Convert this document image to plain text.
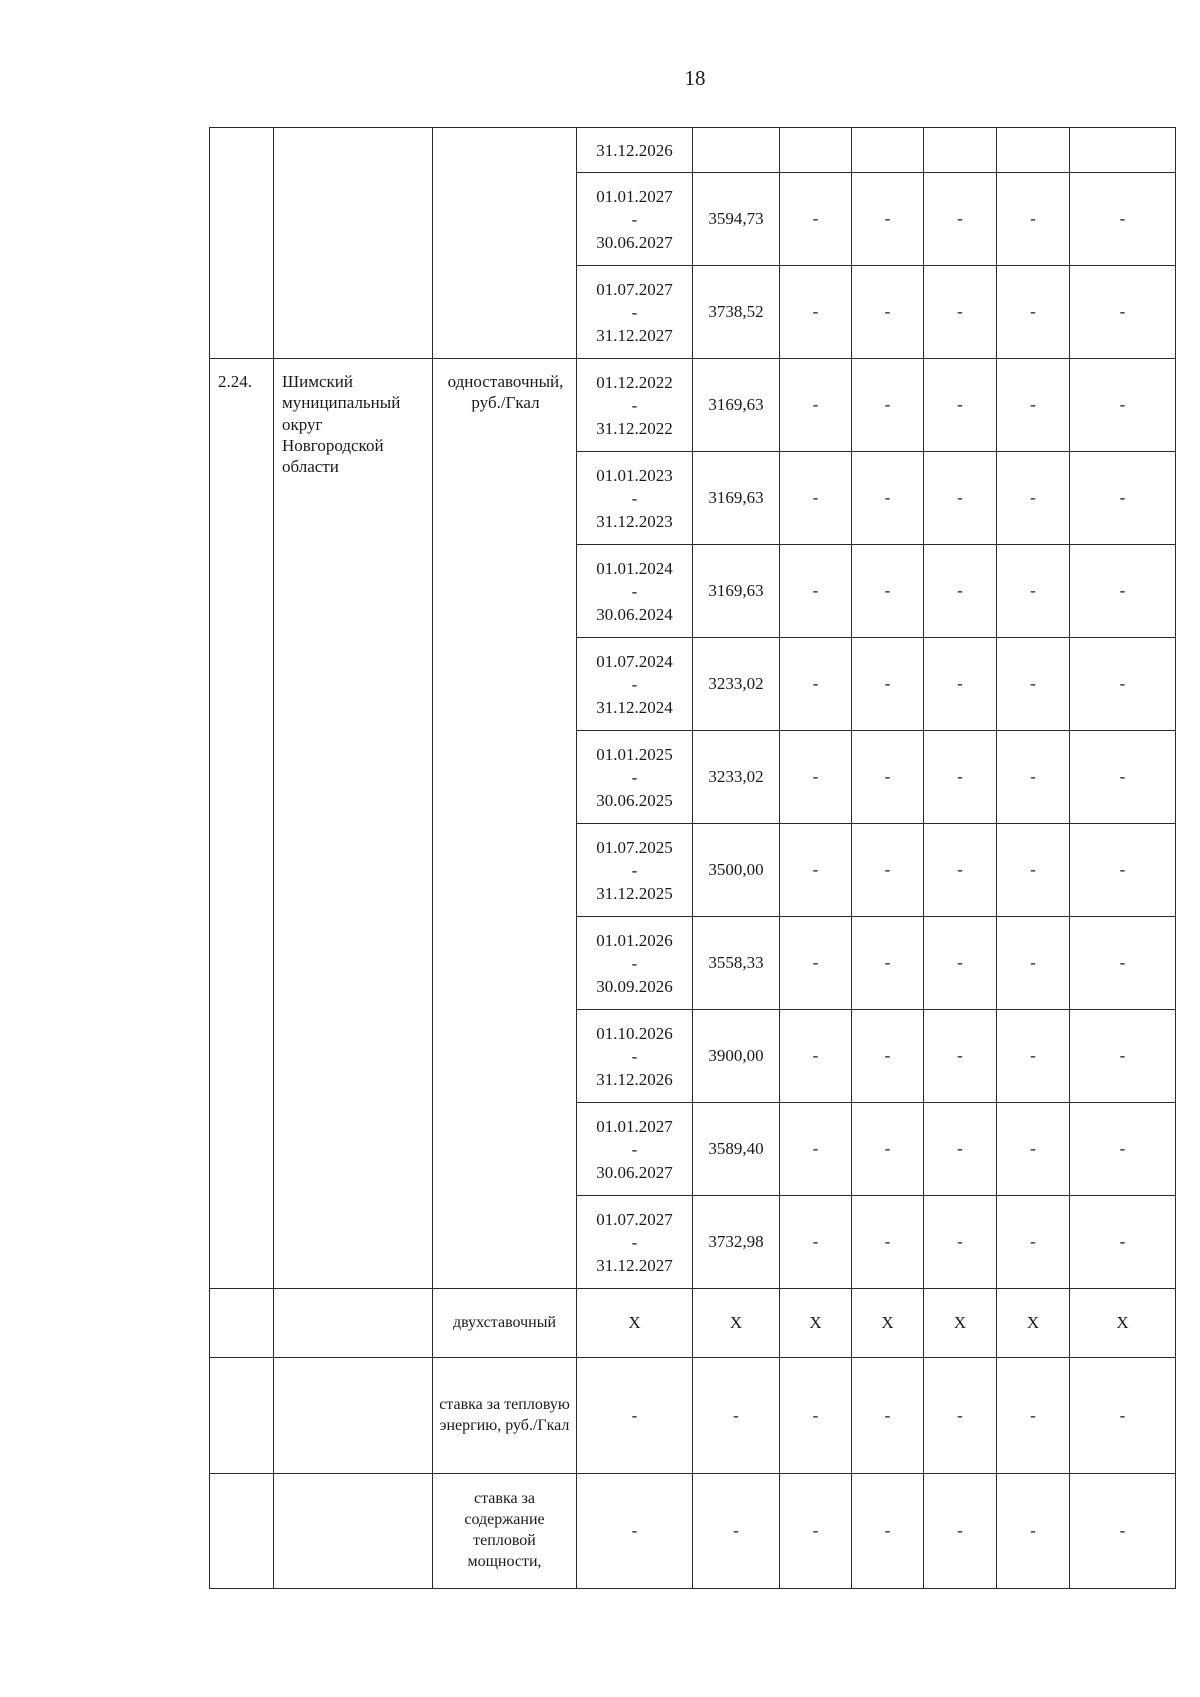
18

			31.12.2026						

			01.01.2027
-
30.06.2027	3594,73	-	-	-	-	-

			01.07.2027
-
31.12.2027	3738,52	-	-	-	-	-
2.24.	Шимский муниципальный округ Новгородской области	одноставочный, руб./Гкал	01.12.2022
-
31.12.2022	3169,63	-	-	-	-	-

			01.01.2023
-
31.12.2023	3169,63	-	-	-	-	-

			01.01.2024
-
30.06.2024	3169,63	-	-	-	-	-

			01.07.2024
-
31.12.2024	3233,02	-	-	-	-	-

			01.01.2025
-
30.06.2025	3233,02	-	-	-	-	-

			01.07.2025
-
31.12.2025	3500,00	-	-	-	-	-

			01.01.2026
-
30.09.2026	3558,33	-	-	-	-	-

			01.10.2026
-
31.12.2026	3900,00	-	-	-	-	-

			01.01.2027
-
30.06.2027	3589,40	-	-	-	-	-

			01.07.2027
-
31.12.2027	3732,98	-	-	-	-	-
		двухставочный	X	X	X	X	X	X	X
		ставка за тепловую энергию, руб./Гкал	-	-	-	-	-	-	-
		ставка за содержание тепловой мощности,	-	-	-	-	-	-	-
